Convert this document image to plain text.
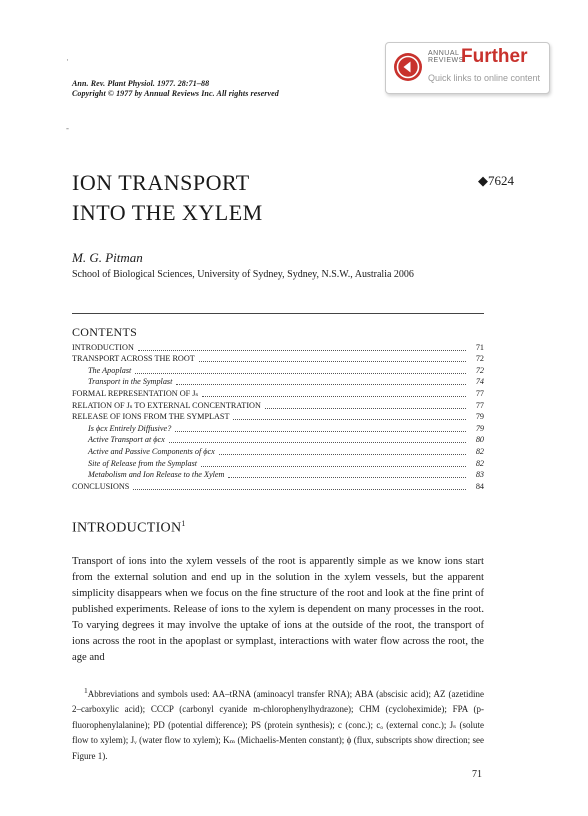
·
-
Ann. Rev. Plant Physiol. 1977. 28:71–88
Copyright © 1977 by Annual Reviews Inc. All rights reserved
ANNUAL
REVIEWS
Further
Quick links to online content
ION TRANSPORT
INTO THE XYLEM
◆7624
M. G. Pitman
School of Biological Sciences, University of Sydney, Sydney, N.S.W., Australia 2006
CONTENTS
INTRODUCTION	71
TRANSPORT ACROSS THE ROOT	72
The Apoplast	72
Transport in the Symplast	74
FORMAL REPRESENTATION OF Jₛ	77
RELATION OF Jₛ TO EXTERNAL CONCENTRATION	77
RELEASE OF IONS FROM THE SYMPLAST	79
Is ϕcx Entirely Diffusive?	79
Active Transport at ϕcx	80
Active and Passive Components of ϕcx	82
Site of Release from the Symplast	82
Metabolism and Ion Release to the Xylem	83
CONCLUSIONS	84
INTRODUCTION$^1$
Transport of ions into the xylem vessels of the root is apparently simple as we know ions start from the external solution and end up in the solution in the xylem vessels, but the apparent simplicity disappears when we focus on the fine structure of the root and look at the fine print of published experiments. Release of ions to the xylem is dependent on many processes in the root. To varying degrees it may involve the uptake of ions at the outside of the root, the transport of ions across the root in the apoplast or symplast, interactions with water flow across the root, the age and
$^1$Abbreviations and symbols used: AA–tRNA (aminoacyl transfer RNA); ABA (abscisic acid); AZ (azetidine 2–carboxylic acid); CCCP (carbonyl cyanide m-chlorophenylhydrazone); CHM (cycloheximide); FPA (p-fluorophenylalanine); PD (potential difference); PS (protein synthesis); c (conc.); cₒ (external conc.); Jₛ (solute flow to xylem); Jᵥ (water flow to xylem); Kₘ (Michaelis-Menten constant); ϕ (flux, subscripts show direction; see Figure 1).
71
